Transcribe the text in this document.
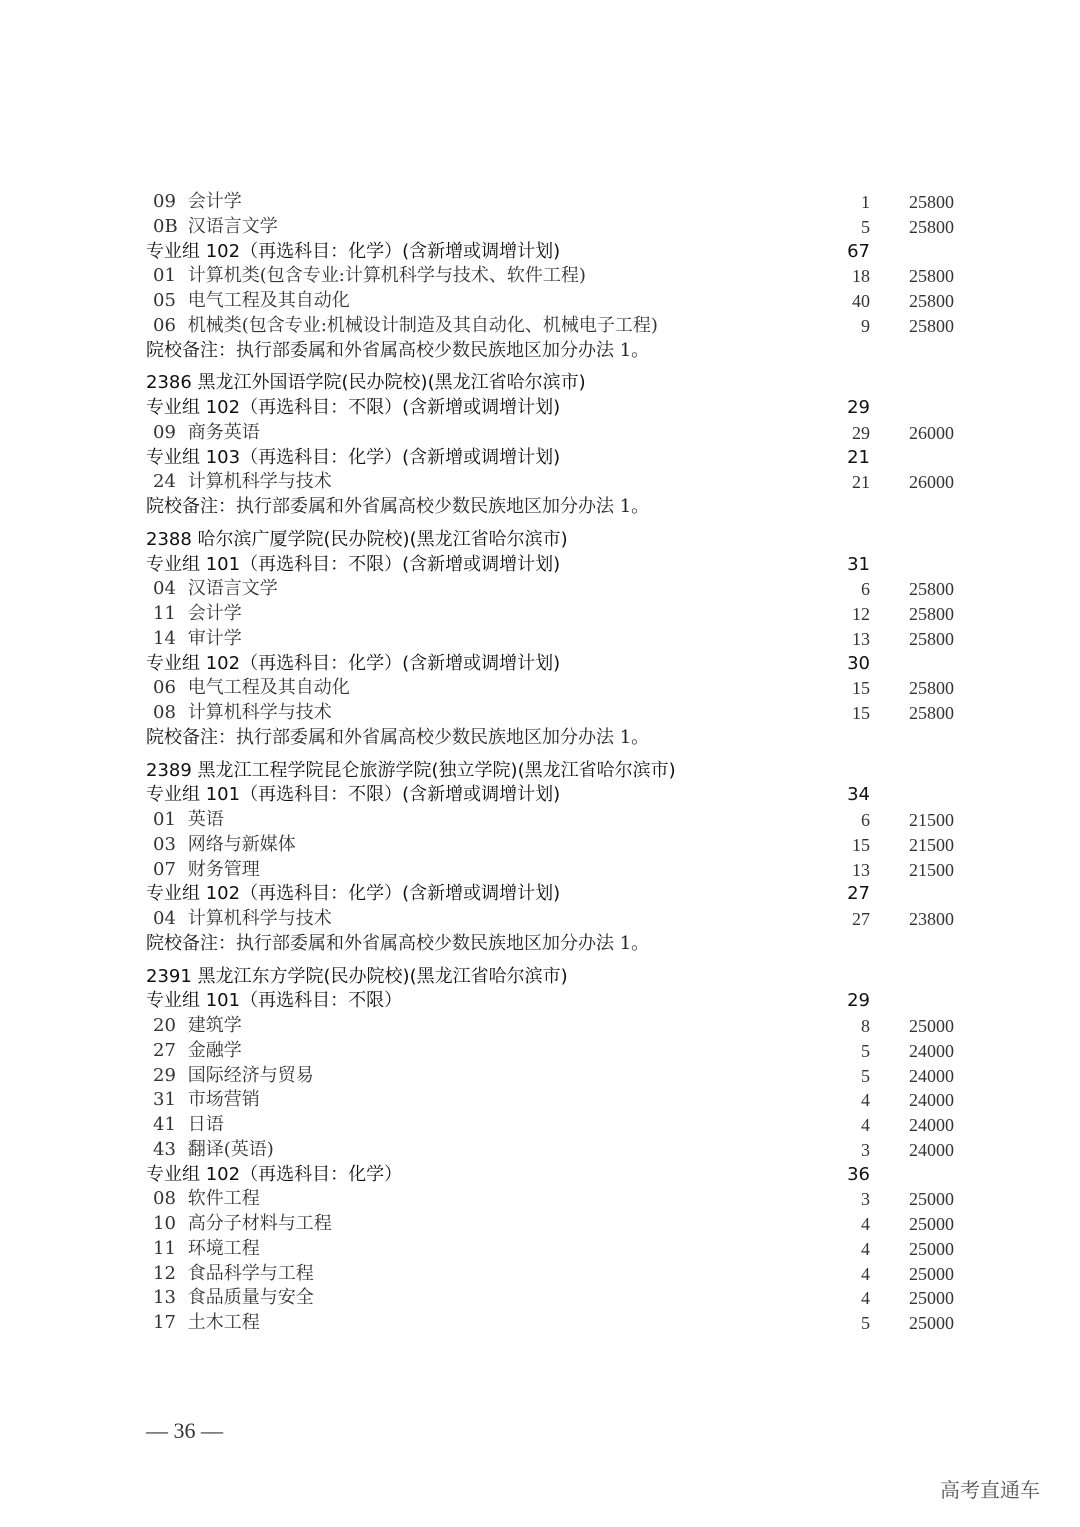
09 会计学	1	25800
0B 汉语言文学	5	25800
专业组 102（再选科目：化学）(含新增或调增计划)	67
01 计算机类(包含专业:计算机科学与技术、软件工程)	18	25800
05 电气工程及其自动化	40	25800
06 机械类(包含专业:机械设计制造及其自动化、机械电子工程)	9	25800
院校备注：执行部委属和外省属高校少数民族地区加分办法 1。
2386 黑龙江外国语学院(民办院校)(黑龙江省哈尔滨市)
专业组 102（再选科目：不限）(含新增或调增计划)	29
09 商务英语	29	26000
专业组 103（再选科目：化学）(含新增或调增计划)	21
24 计算机科学与技术	21	26000
院校备注：执行部委属和外省属高校少数民族地区加分办法 1。
2388 哈尔滨广厦学院(民办院校)(黑龙江省哈尔滨市)
专业组 101（再选科目：不限）(含新增或调增计划)	31
04 汉语言文学	6	25800
11 会计学	12	25800
14 审计学	13	25800
专业组 102（再选科目：化学）(含新增或调增计划)	30
06 电气工程及其自动化	15	25800
08 计算机科学与技术	15	25800
院校备注：执行部委属和外省属高校少数民族地区加分办法 1。
2389 黑龙江工程学院昆仑旅游学院(独立学院)(黑龙江省哈尔滨市)
专业组 101（再选科目：不限）(含新增或调增计划)	34
01 英语	6	21500
03 网络与新媒体	15	21500
07 财务管理	13	21500
专业组 102（再选科目：化学）(含新增或调增计划)	27
04 计算机科学与技术	27	23800
院校备注：执行部委属和外省属高校少数民族地区加分办法 1。
2391 黑龙江东方学院(民办院校)(黑龙江省哈尔滨市)
专业组 101（再选科目：不限）	29
20 建筑学	8	25000
27 金融学	5	24000
29 国际经济与贸易	5	24000
31 市场营销	4	24000
41 日语	4	24000
43 翻译(英语)	3	24000
专业组 102（再选科目：化学）	36
08 软件工程	3	25000
10 高分子材料与工程	4	25000
11 环境工程	4	25000
12 食品科学与工程	4	25000
13 食品质量与安全	4	25000
17 土木工程	5	25000
— 36 —
高考直通车
